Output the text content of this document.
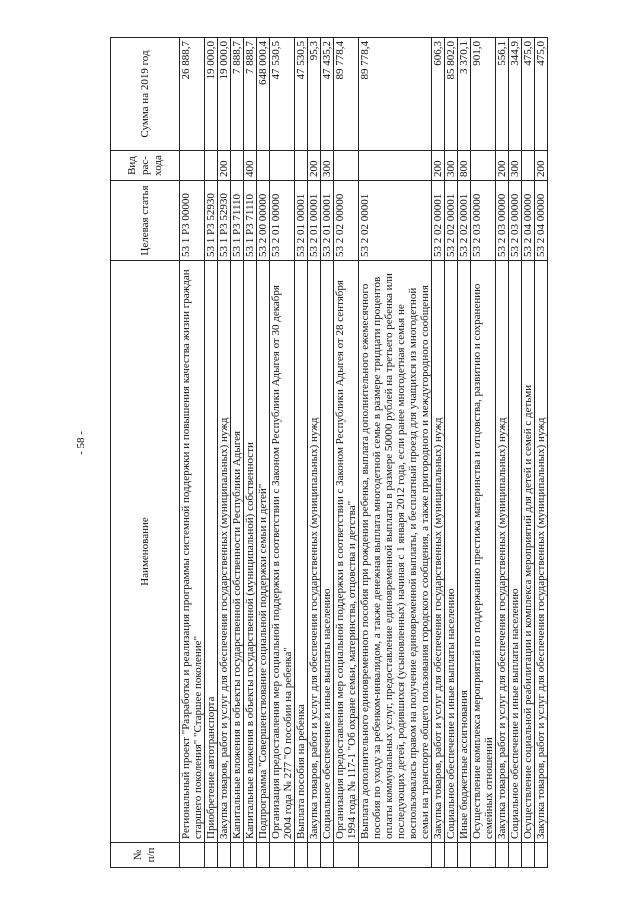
- 58 -
№ п/п	Наименование	Целевая статья	Вид рас-хода	Сумма на 2019 год
	Региональный проект "Разработка и реализация программы системной поддержки и повышения качества жизни граждан старшего поколения" "Старшее поколение"	53 1 P3 00000		26 888,7
	Приобретение автотранспорта	53 1 P3 52930		19 000,0
	Закупка товаров, работ и услуг для обеспечения государственных (муниципальных) нужд	53 1 P3 52930	200	19 000,0
	Капитальные вложения в объекты государственной собственности Республики Адыгея	53 1 P3 71110		7 888,7
	Капитальные вложения в объекты государственной (муниципальной) собственности	53 1 P3 71110	400	7 888,7
	Подпрограмма "Совершенствование социальной поддержки семьи и детей"	53 2 00 00000		648 000,4
	Организация предоставления мер социальной поддержки в соответствии с Законом Республики Адыгея от 30 декабря 2004 года № 277 "О пособии на ребенка"	53 2 01 00000		47 530,5
	Выплата пособия на ребенка	53 2 01 00001		47 530,5
	Закупка товаров, работ и услуг для обеспечения государственных (муниципальных) нужд	53 2 01 00001	200	95,3
	Социальное обеспечение и иные выплаты населению	53 2 01 00001	300	47 435,2
	Организация предоставления мер социальной поддержки в соответствии с Законом Республики Адыгея от 28 сентября 1994 года № 117-1 "Об охране семьи, материнства, отцовства и детства"	53 2 02 00000		89 778,4
	Выплата дополнительного единовременного пособия при рождении ребенка, выплата дополнительного ежемесячного пособия по уходу за ребенком-инвалидом, а также денежная выплата многодетной семье в размере тридцати процентов оплаты коммунальных услуг, предоставление единовременной выплаты в размере 50000 рублей на третьего ребенка или последующих детей, родившихся (усыновленных) начиная с 1 января 2012 года, если ранее многодетная семья не воспользовалась правом на получение единовременной выплаты, и бесплатный проезд для учащихся из многодетной семьи на транспорте общего пользования городского сообщения, а также пригородного и междугородного сообщения	53 2 02 00001		89 778,4
	Закупка товаров, работ и услуг для обеспечения государственных (муниципальных) нужд	53 2 02 00001	200	606,3
	Социальное обеспечение и иные выплаты населению	53 2 02 00001	300	85 802,0
	Иные бюджетные ассигнования	53 2 02 00001	800	3 370,1
	Осуществление комплекса мероприятий по поддержанию престижа материнства и отцовства, развитию и сохранению семейных отношений	53 2 03 00000		901,0
	Закупка товаров, работ и услуг для обеспечения государственных (муниципальных) нужд	53 2 03 00000	200	556,1
	Социальное обеспечение и иные выплаты населению	53 2 03 00000	300	344,9
	Осуществление социальной реабилитации и комплекса мероприятий для детей и семей с детьми	53 2 04 00000		475,0
	Закупка товаров, работ и услуг для обеспечения государственных (муниципальных) нужд	53 2 04 00000	200	475,0
